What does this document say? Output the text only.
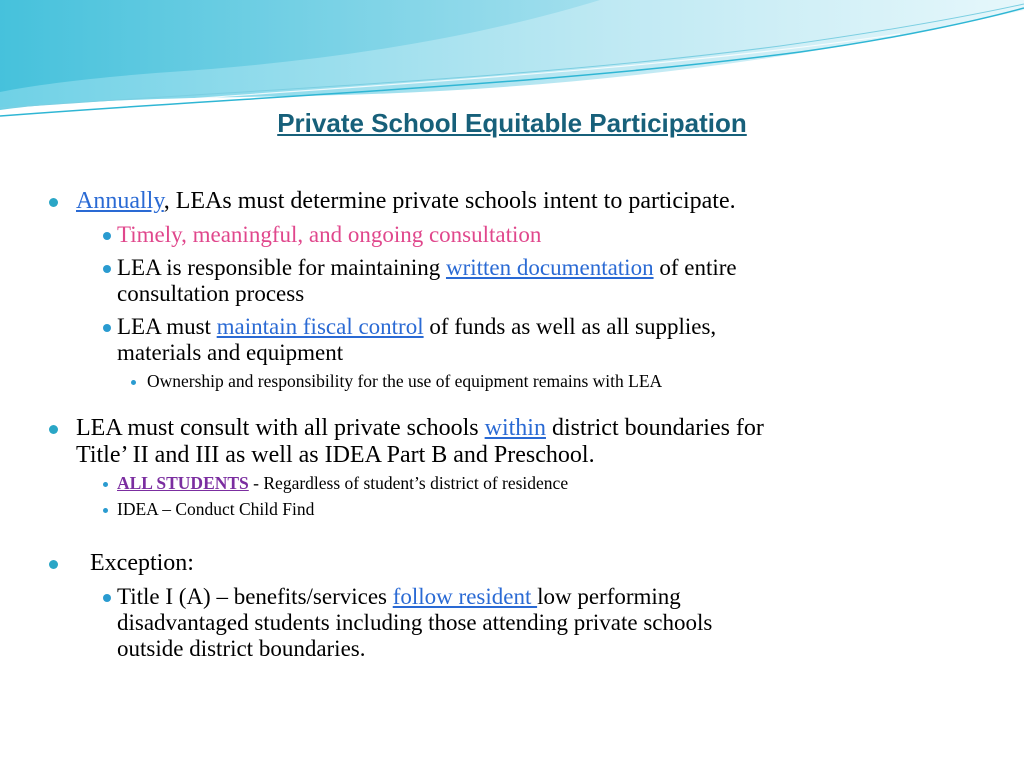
Private School Equitable Participation
Annually, LEAs must determine private schools intent to participate.
Timely, meaningful, and ongoing consultation
LEA is responsible for maintaining written documentation of entire
consultation process
LEA must maintain fiscal control of funds as well as all supplies,
materials and equipment
Ownership and responsibility for the use of equipment remains with LEA
LEA must consult with all private schools within district boundaries for
Title’ II and III as well as IDEA Part B and Preschool.
ALL STUDENTS - Regardless of student’s district of residence
IDEA – Conduct Child Find
Exception:
Title I (A) – benefits/services follow resident low performing
disadvantaged students including those attending private schools
outside district boundaries.
